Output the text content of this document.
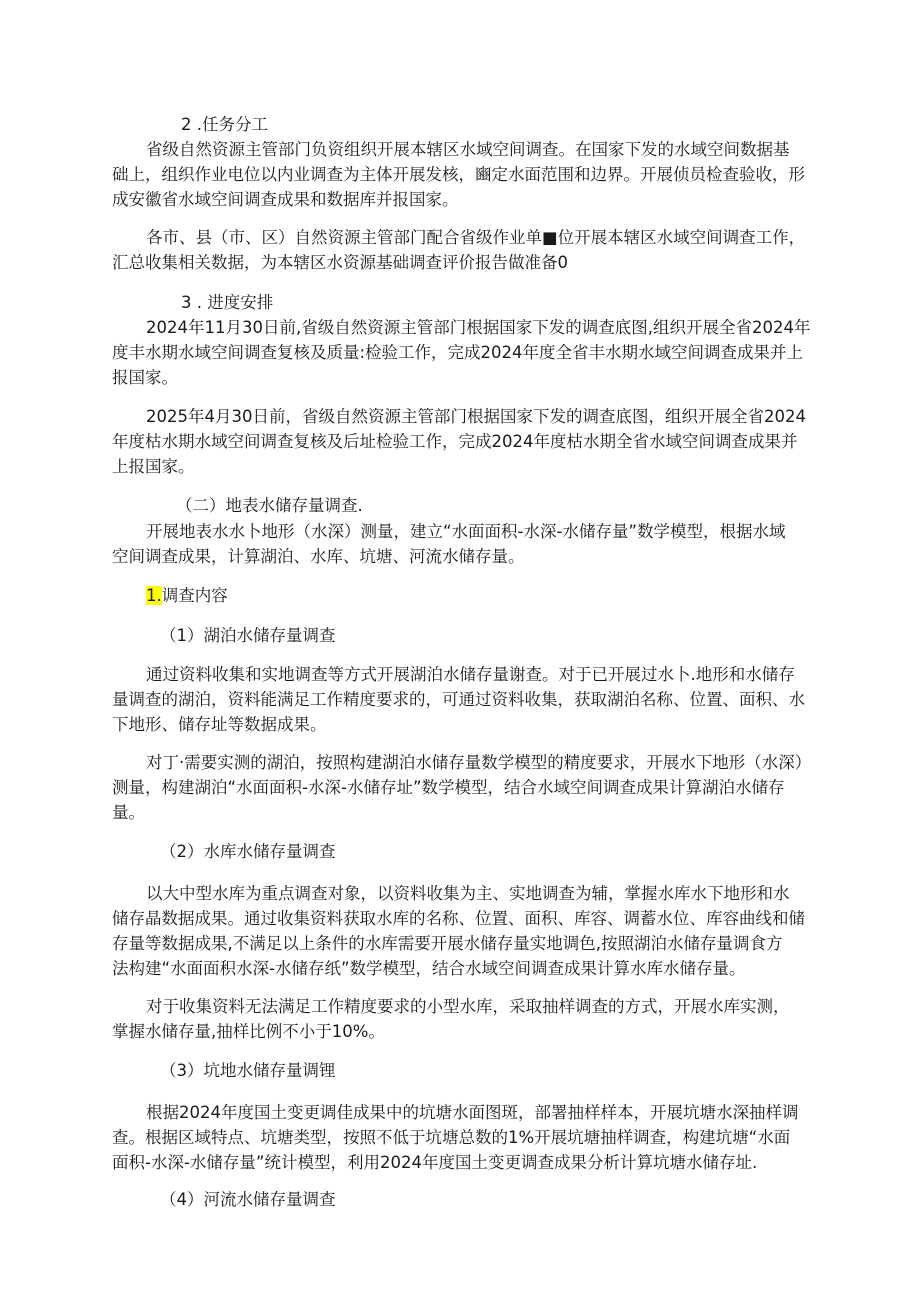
2 .任务分工
省级自然资源主管部门负资组织开展本辖区水域空间调查。在国家下发的水域空间数据基
础上，组织作业电位以内业调查为主体开展发核，豳定水面范围和边界。开展侦员检查验收，形
成安徽省水域空间调查成果和数据库并报国家。
各市、县（市、区）自然资源主管部门配合省级作业单■位开展本辖区水域空间调查工作，
汇总收集相关数据，为本辖区水资源基础调查评价报告做准备0
3 . 进度安排
2024年11月30日前,省级自然资源主管部门根据国家下发的调查底图,组织开展全省2024年
度丰水期水域空间调查复核及质量:检验工作，完成2024年度全省丰水期水域空间调查成果并上
报国家。
2025年4月30日前，省级自然资源主管部门根据国家下发的调查底图，组织开展全省2024
年度枯水期水域空间调查复核及后址检验工作，完成2024年度枯水期全省水域空间调查成果并
上报国家。
（二）地表水储存量调查.
开展地表水水卜地形（水深）测量，建立“水面面积-水深-水储存量”数学模型，根据水域
空间调查成果，计算湖泊、水库、坑塘、河流水储存量。
1.调查内容
（1）湖泊水储存量调查
通过资料收集和实地调查等方式开展湖泊水储存量谢查。对于已开展过水卜.地形和水储存
量调查的湖泊，资料能满足工作精度要求的，可通过资料收集，获取湖泊名称、位置、面积、水
下地形、储存址等数据成果。
对丁·需要实测的湖泊，按照构建湖泊水储存量数学模型的精度要求，开展水下地形（水深）
测量，构建湖泊“水面面积-水深-水储存址”数学模型，结合水域空间调查成果计算湖泊水储存
量。
（2）水库水储存量调查
以大中型水库为重点调查对象，以资料收集为主、实地调查为辅，掌握水库水下地形和水
储存晶数据成果。通过收集资料获取水库的名称、位置、面积、库容、调蓄水位、库容曲线和储
存量等数据成果,不满足以上条件的水库需要开展水储存量实地调色,按照湖泊水储存量调食方
法构建“水面面积水深-水储存纸”数学模型，结合水域空间调查成果计算水库水储存量。
对于收集资料无法满足工作精度要求的小型水库，采取抽样调查的方式，开展水库实测，
掌握水储存量,抽样比例不小于10%。
（3）坑地水储存量调锂
根据2024年度国土变更调佳成果中的坑塘水面图斑，部署抽样样本，开展坑塘水深抽样调
查。根据区域特点、坑塘类型，按照不低于坑塘总数的1%开展坑塘抽样调查，构建坑塘“水面
面积-水深-水储存量”统计模型，利用2024年度国土变更调查成果分析计算坑塘水储存址.
（4）河流水储存量调查
